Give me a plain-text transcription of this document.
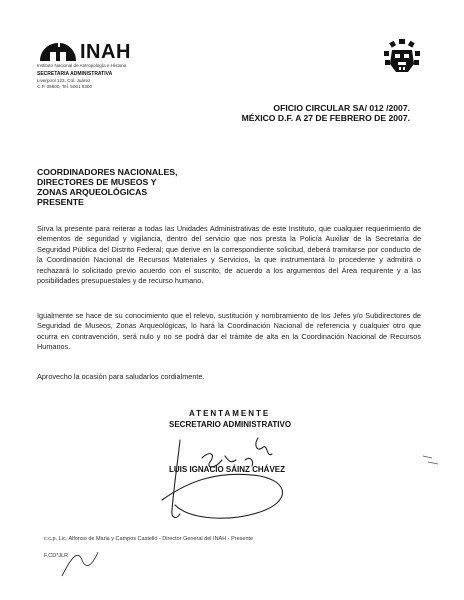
INAH
Instituto Nacional de Antropología e Historia
SECRETARIA ADMINISTRATIVA
Liverpool 123, Col. Juárez
C.P. 06600, Tel. 5061 9300
OFICIO CIRCULAR SA/ 012 /2007.
MÉXICO D.F. A 27 DE FEBRERO DE 2007.
COORDINADORES NACIONALES,
DIRECTORES DE MUSEOS Y
ZONAS ARQUEOLÓGICAS
PRESENTE

Sirva la presente para reiterar a todas las Unidades Administrativas de este Instituto, que cualquier requerimiento de elementos de seguridad y vigilancia, dentro del servicio que nos presta la Policía Auxiliar de la Secretaría de Seguridad Pública del Distrito Federal; que derive en la correspondiente solicitud, deberá tramitarse por conducto de la Coordinación Nacional de Recursos Materiales y Servicios, la que instrumentará lo procedente y admitirá o rechazará lo solicitado previo acuerdo con el suscrito, de acuerdo a los argumentos del Área requirente y a las posibilidades presupuestales y de recurso humano.

Igualmente se hace de su conocimiento que el relevo, sustitución y nombramiento de los Jefes y/o Subdirectores de Seguridad de Museos, Zonas Arqueológicas, lo hará la Coordinación Nacional de referencia y cualquier otro que ocurra en contravención, será nulo y no se podrá dar el trámite de alta en la Coordinación Nacional de Recursos Humanos.

Aprovecho la ocasión para saludarlos cordialmente.

ATENTAMENTE
SECRETARIO ADMINISTRATIVO
LUIS IGNACIO SÁINZ CHÁVEZ
c.c.p. Lic. Alfonso de Maria y Campos Castelló - Director General del INAH - Presente
F.CD*JLR
